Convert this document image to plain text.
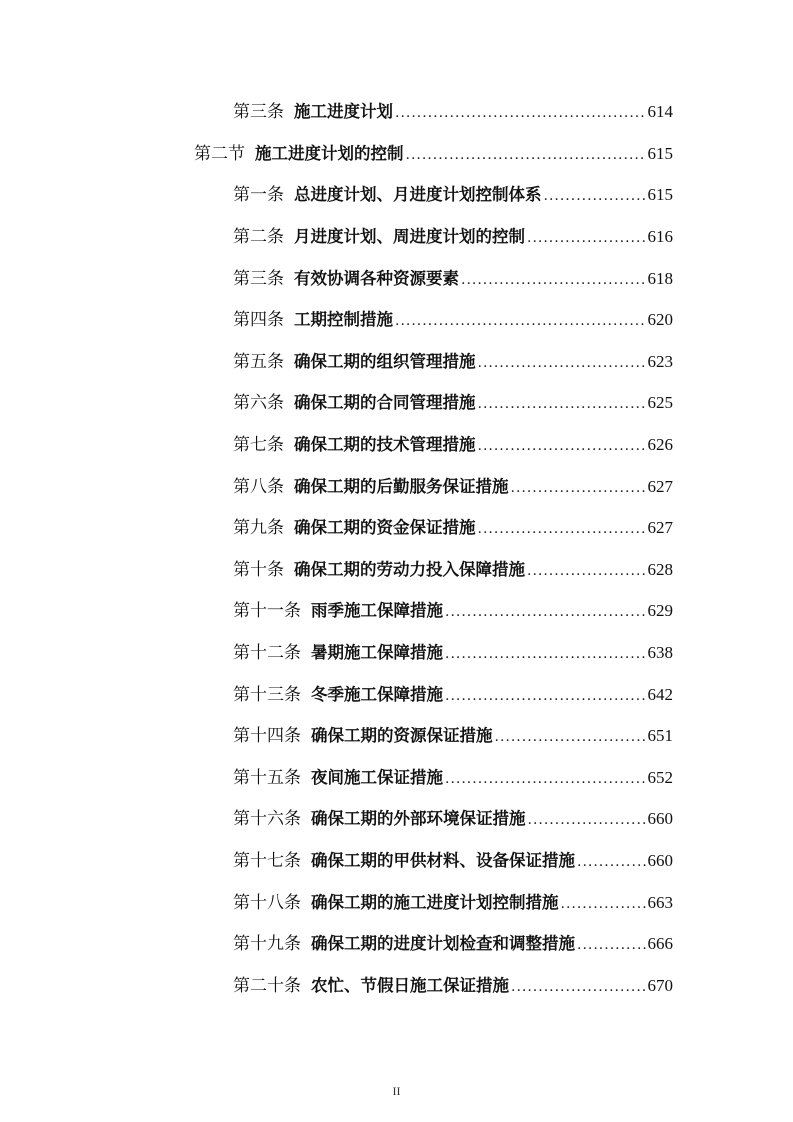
第三条 施工进度计划 .....	614
第二节 施工进度计划的控制 .....	615
第一条 总进度计划、月进度计划控制体系 .....	615
第二条 月进度计划、周进度计划的控制 .....	616
第三条 有效协调各种资源要素 .....	618
第四条 工期控制措施 .....	620
第五条 确保工期的组织管理措施 .....	623
第六条 确保工期的合同管理措施 .....	625
第七条 确保工期的技术管理措施 .....	626
第八条 确保工期的后勤服务保证措施 .....	627
第九条 确保工期的资金保证措施 .....	627
第十条 确保工期的劳动力投入保障措施 .....	628
第十一条 雨季施工保障措施 .....	629
第十二条 暑期施工保障措施 .....	638
第十三条 冬季施工保障措施 .....	642
第十四条 确保工期的资源保证措施 .....	651
第十五条 夜间施工保证措施 .....	652
第十六条 确保工期的外部环境保证措施 .....	660
第十七条 确保工期的甲供材料、设备保证措施 .....	660
第十八条 确保工期的施工进度计划控制措施 .....	663
第十九条 确保工期的进度计划检查和调整措施 .....	666
第二十条 农忙、节假日施工保证措施 .....	670
II
